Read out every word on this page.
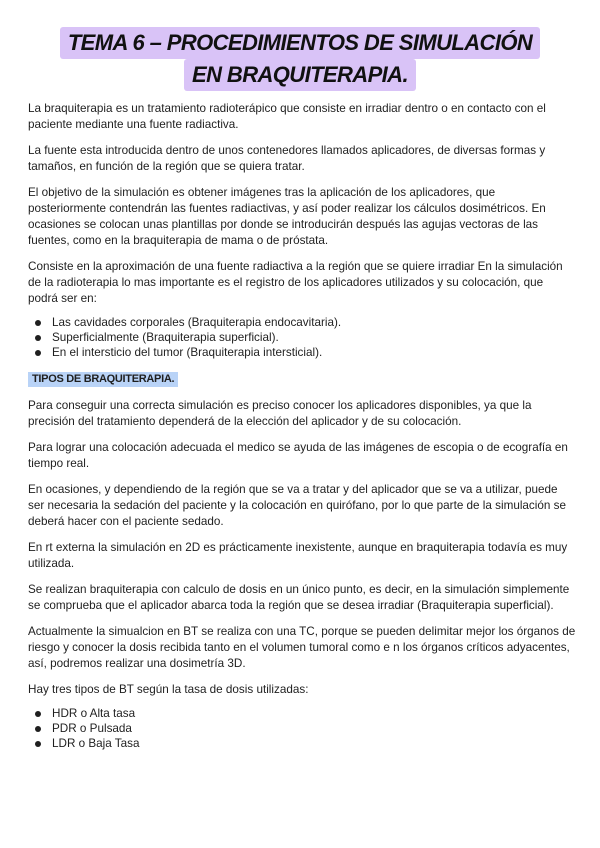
TEMA 6 – PROCEDIMIENTOS DE SIMULACIÓN
EN BRAQUITERAPIA.

La braquiterapia es un tratamiento radioterápico que consiste en irradiar dentro o en contacto con el paciente mediante una fuente radiactiva.

La fuente esta introducida dentro de unos contenedores llamados aplicadores, de diversas formas y tamaños, en función de la región que se quiera tratar.

El objetivo de la simulación es obtener imágenes tras la aplicación de los aplicadores, que posteriormente contendrán las fuentes radiactivas, y así poder realizar los cálculos dosimétricos. En ocasiones se colocan unas plantillas por donde se introducirán después las agujas vectoras de las fuentes, como en la braquiterapia de mama o de próstata.

Consiste en la aproximación de una fuente radiactiva a la región que se quiere irradiar En la simulación de la radioterapia lo mas importante es el registro de los aplicadores utilizados y su colocación, que podrá ser en:

Las cavidades corporales (Braquiterapia endocavitaria).
Superficialmente (Braquiterapia superficial).
En el intersticio del tumor (Braquiterapia intersticial).
TIPOS DE BRAQUITERAPIA.

Para conseguir una correcta simulación es preciso conocer los aplicadores disponibles, ya que la precisión del tratamiento dependerá de la elección del aplicador y de su colocación.

Para lograr una colocación adecuada el medico se ayuda de las imágenes de escopia o de ecografía en tiempo real.

En ocasiones, y dependiendo de la región que se va a tratar y del aplicador que se va a utilizar, puede ser necesaria la sedación del paciente y la colocación en quirófano, por lo que parte de la simulación se deberá hacer con el paciente sedado.

En rt externa la simulación en 2D es prácticamente inexistente, aunque en braquiterapia todavía es muy utilizada.

Se realizan braquiterapia con calculo de dosis en un único punto, es decir, en la simulación simplemente se comprueba que el aplicador abarca toda la región que se desea irradiar (Braquiterapia superficial).

Actualmente la simualcion en BT se realiza con una TC, porque se pueden delimitar mejor los órganos de riesgo y conocer la dosis recibida tanto en el volumen tumoral como e n los órganos críticos adyacentes, así, podremos realizar una dosimetría 3D.

Hay tres tipos de BT según la tasa de dosis utilizadas:

HDR o Alta tasa
PDR o Pulsada
LDR o Baja Tasa
